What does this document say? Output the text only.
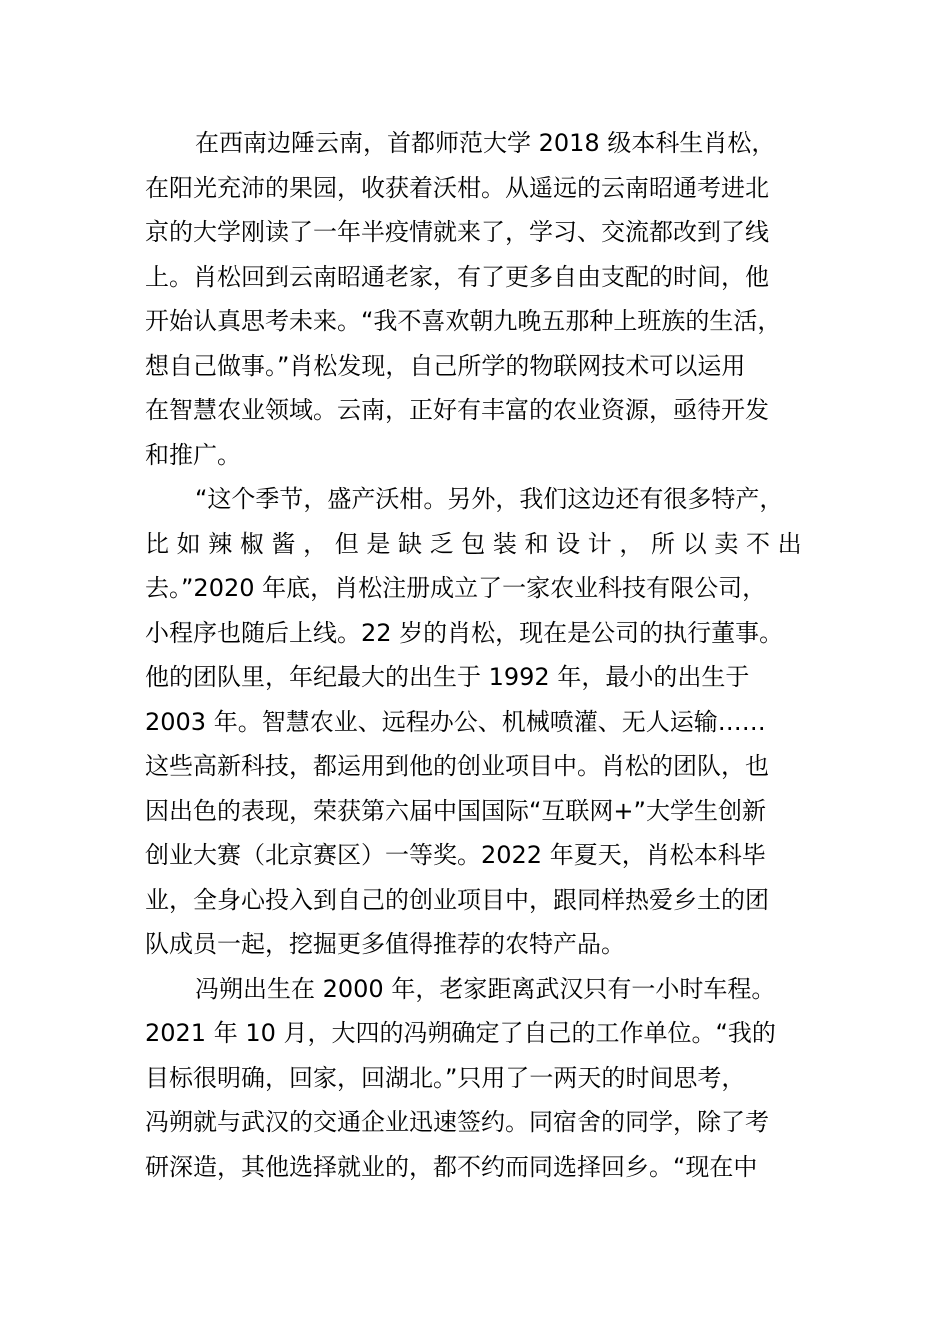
在西南边陲云南，首都师范大学 2018 级本科生肖松，
在阳光充沛的果园，收获着沃柑。从遥远的云南昭通考进北
京的大学刚读了一年半疫情就来了，学习、交流都改到了线
上。肖松回到云南昭通老家，有了更多自由支配的时间，他
开始认真思考未来。“我不喜欢朝九晚五那种上班族的生活，
想自己做事。”肖松发现，自己所学的物联网技术可以运用
在智慧农业领域。云南，正好有丰富的农业资源，亟待开发
和推广。
“这个季节，盛产沃柑。另外，我们这边还有很多特产，
比 如 辣 椒 酱 ， 但 是 缺 乏 包 装 和 设 计 ， 所 以 卖 不 出
去。”2020 年底，肖松注册成立了一家农业科技有限公司，
小程序也随后上线。22 岁的肖松，现在是公司的执行董事。
他的团队里，年纪最大的出生于 1992 年，最小的出生于
2003 年。智慧农业、远程办公、机械喷灌、无人运输……
这些高新科技，都运用到他的创业项目中。肖松的团队，也
因出色的表现，荣获第六届中国国际“互联网+”大学生创新
创业大赛（北京赛区）一等奖。2022 年夏天，肖松本科毕
业，全身心投入到自己的创业项目中，跟同样热爱乡土的团
队成员一起，挖掘更多值得推荐的农特产品。
冯朔出生在 2000 年，老家距离武汉只有一小时车程。
2021 年 10 月，大四的冯朔确定了自己的工作单位。“我的
目标很明确，回家，回湖北。”只用了一两天的时间思考，
冯朔就与武汉的交通企业迅速签约。同宿舍的同学，除了考
研深造，其他选择就业的，都不约而同选择回乡。“现在中
